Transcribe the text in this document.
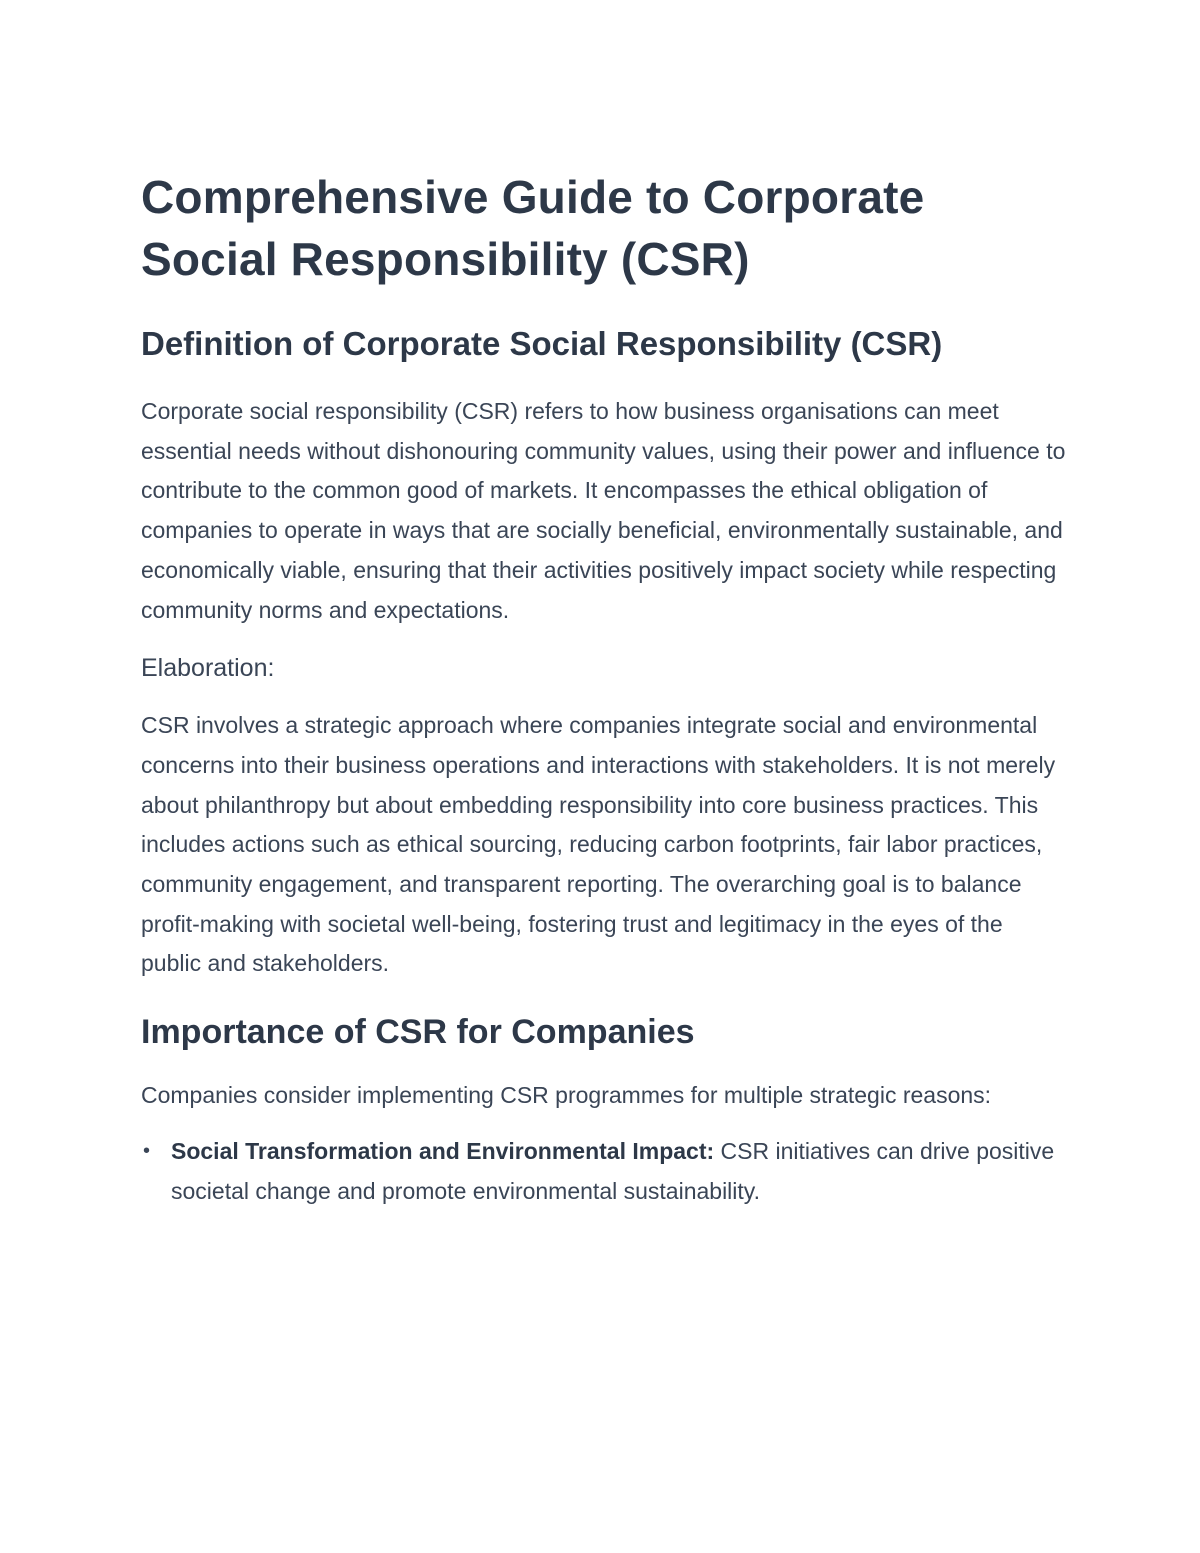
Comprehensive Guide to Corporate Social Responsibility (CSR)
Definition of Corporate Social Responsibility (CSR)

Corporate social responsibility (CSR) refers to how business organisations can meet essential needs without dishonouring community values, using their power and influence to contribute to the common good of markets. It encompasses the ethical obligation of companies to operate in ways that are socially beneficial, environmentally sustainable, and economically viable, ensuring that their activities positively impact society while respecting community norms and expectations.

Elaboration:

CSR involves a strategic approach where companies integrate social and environmental concerns into their business operations and interactions with stakeholders. It is not merely about philanthropy but about embedding responsibility into core business practices. This includes actions such as ethical sourcing, reducing carbon footprints, fair labor practices, community engagement, and transparent reporting. The overarching goal is to balance profit-making with societal well-being, fostering trust and legitimacy in the eyes of the public and stakeholders.

Importance of CSR for Companies

Companies consider implementing CSR programmes for multiple strategic reasons:

• Social Transformation and Environmental Impact: CSR initiatives can drive positive societal change and promote environmental sustainability.
